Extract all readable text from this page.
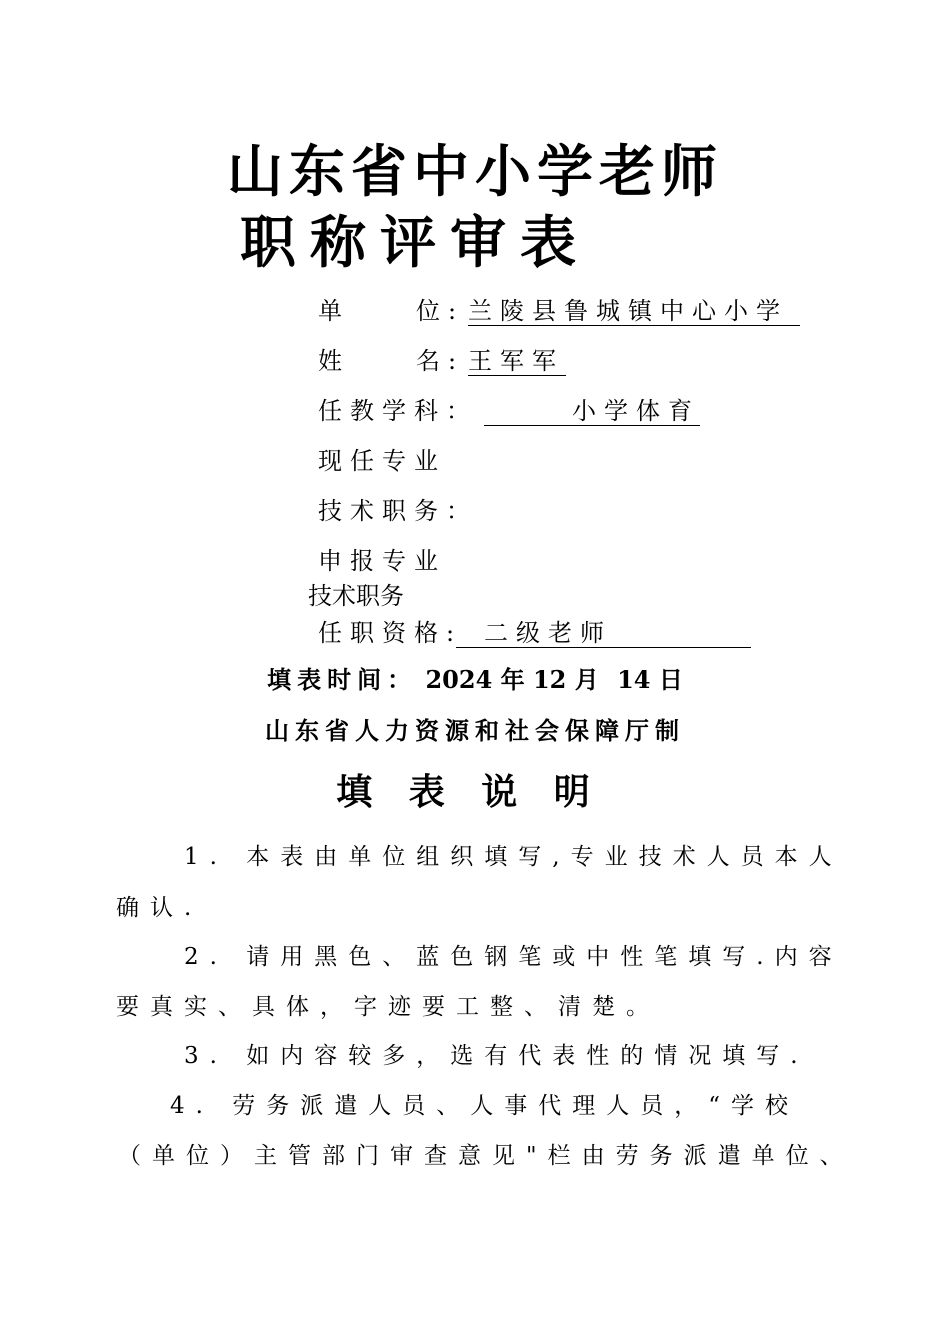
山东省中小学老师
职称评审表
单	位: 兰陵县鲁城镇中心小学
姓	名: 王军军
任教学科：	小学体育
现任专业
技术职务：
申报专业
技术职务
任职资格: 二级老师
填表时间： 2024 年 12 月 14 日
山东省人力资源和社会保障厅制
填 表 说 明
1. 本表由单位组织填写,专业技术人员本人
确认.
2. 请用黑色、蓝色钢笔或中性笔填写.内容
要真实、具体，字迹要工整、清楚。
3. 如内容较多，选有代表性的情况填写.
4. 劳务派遣人员、人事代理人员，“学校
（单位）主管部门审查意见"栏由劳务派遣单位、
